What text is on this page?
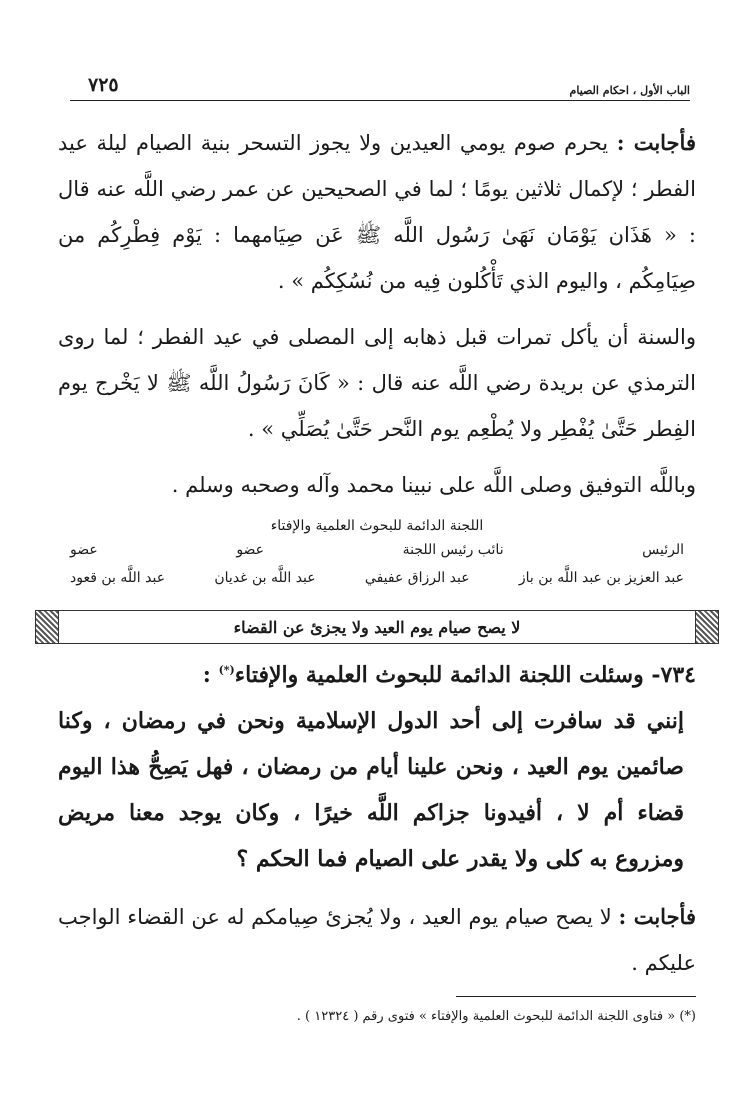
٧٢٥	الباب الأول ، احكام الصيام

فأجابت : يحرم صوم يومي العيدين ولا يجوز التسحر بنية الصيام ليلة عيد الفطر ؛ لإكمال ثلاثين يومًا ؛ لما في الصحيحين عن عمر رضي اللَّه عنه قال : « هَذَان يَوْمَان نَهَىٰ رَسُول اللَّه ﷺ عَن صِيَامهما : يَوْم فِطْرِكُم من صِيَامِكُم ، واليوم الذي تَأْكُلون فِيه من نُسُكِكُم » .

والسنة أن يأكل تمرات قبل ذهابه إلى المصلى في عيد الفطر ؛ لما روى الترمذي عن بريدة رضي اللَّه عنه قال : « كَانَ رَسُولُ اللَّه ﷺ لا يَخْرج يوم الفِطر حَتَّىٰ يُفْطِر ولا يُطْعِم يوم النَّحر حَتَّىٰ يُصَلِّي » .

وباللَّه التوفيق وصلى اللَّه على نبينا محمد وآله وصحبه وسلم .

اللجنة الدائمة للبحوث العلمية والإفتاء
الرئيس
نائب رئيس اللجنة
عضو
عضو
عبد العزيز بن عبد اللَّه بن باز
عبد الرزاق عفيفي
عبد اللَّه بن غديان
عبد اللَّه بن قعود
لا يصح صيام يوم العيد ولا يجزئ عن القضاء

٧٣٤- وسئلت اللجنة الدائمة للبحوث العلمية والإفتاء(*) :

إنني قد سافرت إلى أحد الدول الإسلامية ونحن في رمضان ، وكنا صائمين يوم العيد ، ونحن علينا أيام من رمضان ، فهل يَصِحُّ هذا اليوم قضاء أم لا ، أفيدونا جزاكم اللَّه خيرًا ، وكان يوجد معنا مريض ومزروع به كلى ولا يقدر على الصيام فما الحكم ؟

فأجابت : لا يصح صيام يوم العيد ، ولا يُجزئ صِيامكم له عن القضاء الواجب عليكم .

(*) « فتاوى اللجنة الدائمة للبحوث العلمية والإفتاء » فتوى رقم ( ١٢٣٢٤ ) .
